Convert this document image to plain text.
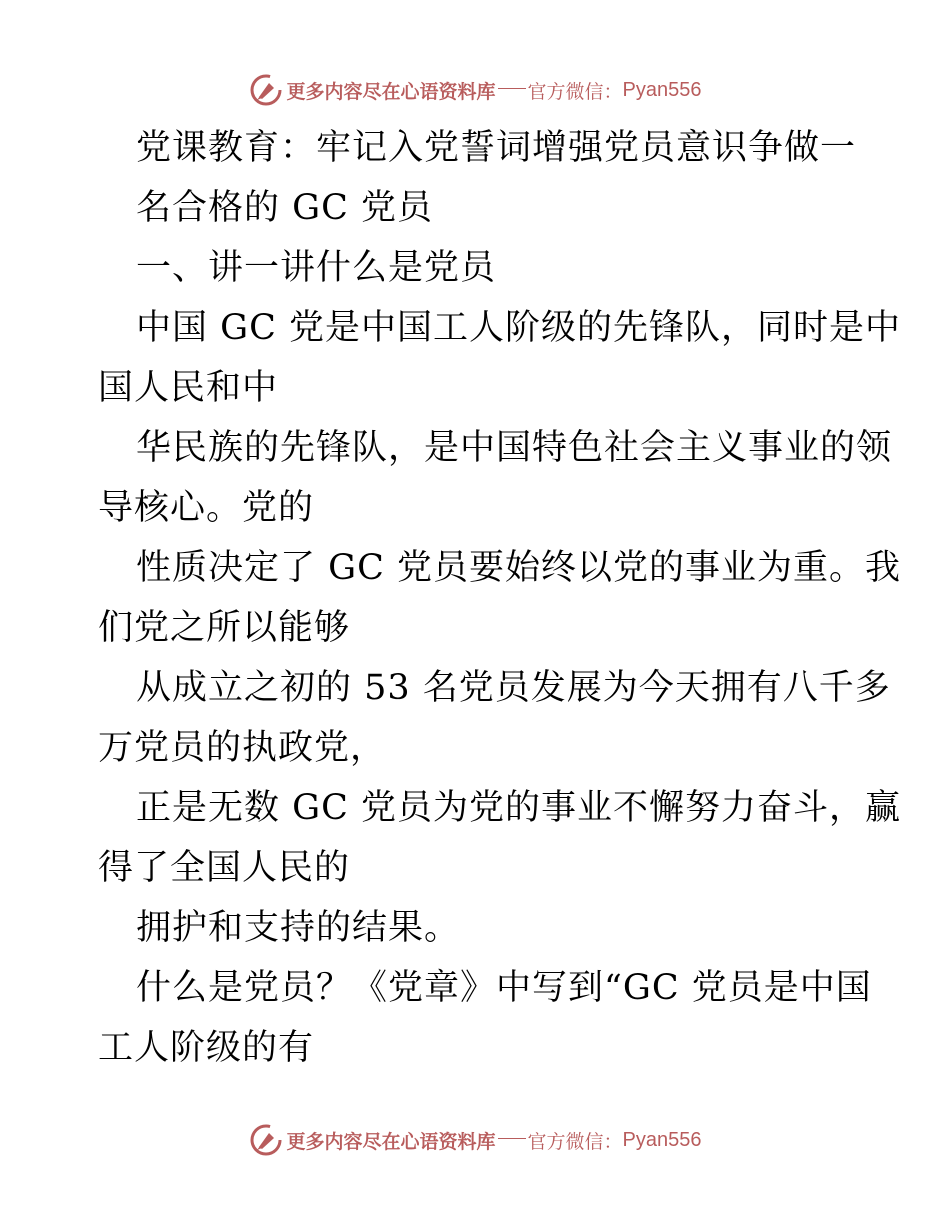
更多内容尽在心语资料库 官方微信： Pyan556
党课教育：牢记入党誓词增强党员意识争做一
名合格的 GC 党员
一、讲一讲什么是党员
中国 GC 党是中国工人阶级的先锋队，同时是中
国人民和中
华民族的先锋队，是中国特色社会主义事业的领
导核心。党的
性质决定了 GC 党员要始终以党的事业为重。我
们党之所以能够
从成立之初的 53 名党员发展为今天拥有八千多
万党员的执政党，
正是无数 GC 党员为党的事业不懈努力奋斗，赢
得了全国人民的
拥护和支持的结果。
什么是党员？《党章》中写到“GC 党员是中国
工人阶级的有
更多内容尽在心语资料库 官方微信： Pyan556
